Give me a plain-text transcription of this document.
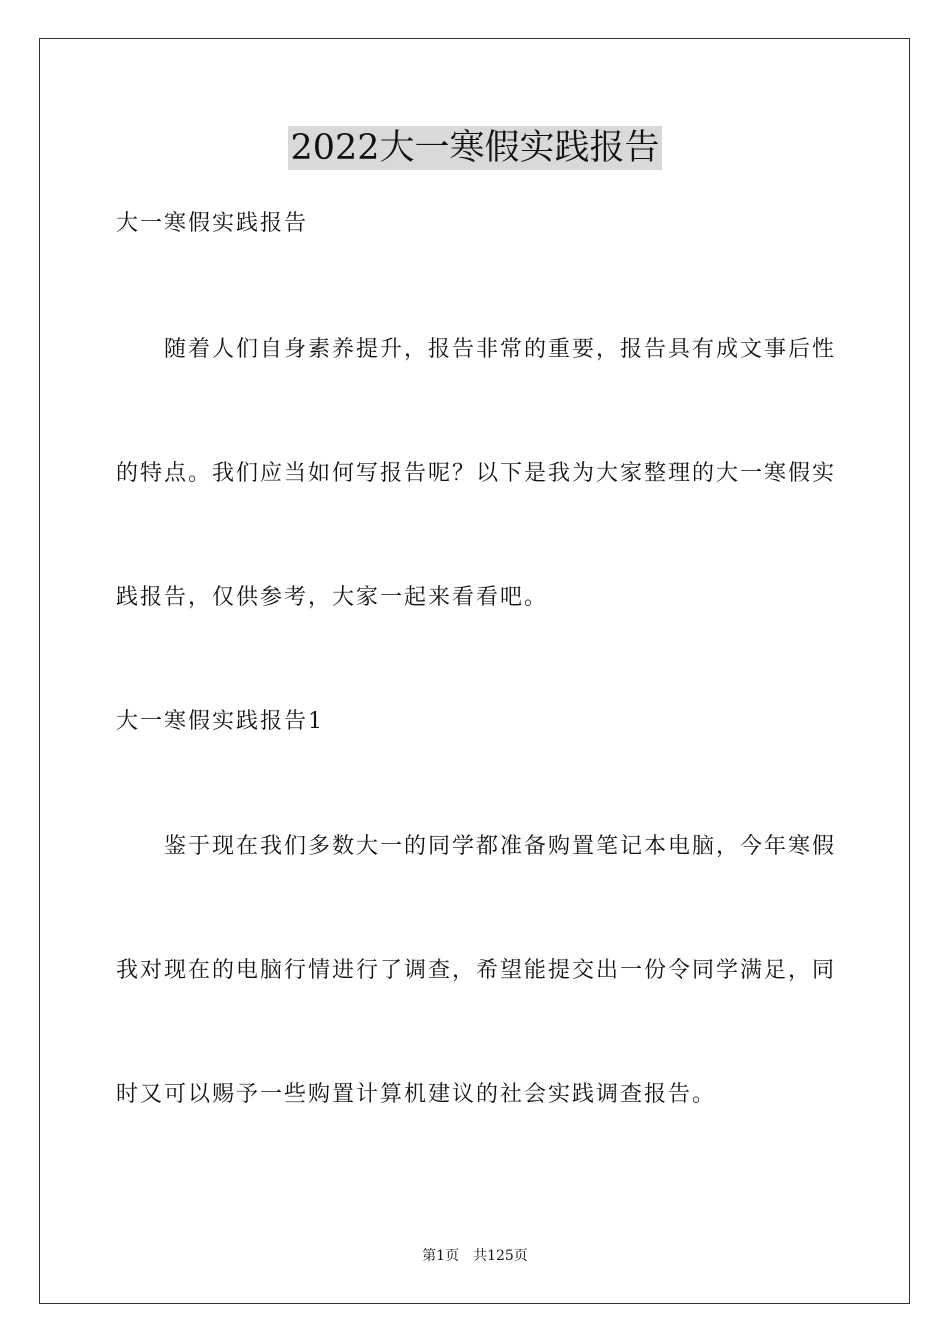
2022大一寒假实践报告
大一寒假实践报告
随着人们自身素养提升，报告非常的重要，报告具有成文事后性
的特点。我们应当如何写报告呢？以下是我为大家整理的大一寒假实
践报告，仅供参考，大家一起来看看吧。
大一寒假实践报告1
鉴于现在我们多数大一的同学都准备购置笔记本电脑，今年寒假
我对现在的电脑行情进行了调查，希望能提交出一份令同学满足，同
时又可以赐予一些购置计算机建议的社会实践调查报告。
第1页　共125页
